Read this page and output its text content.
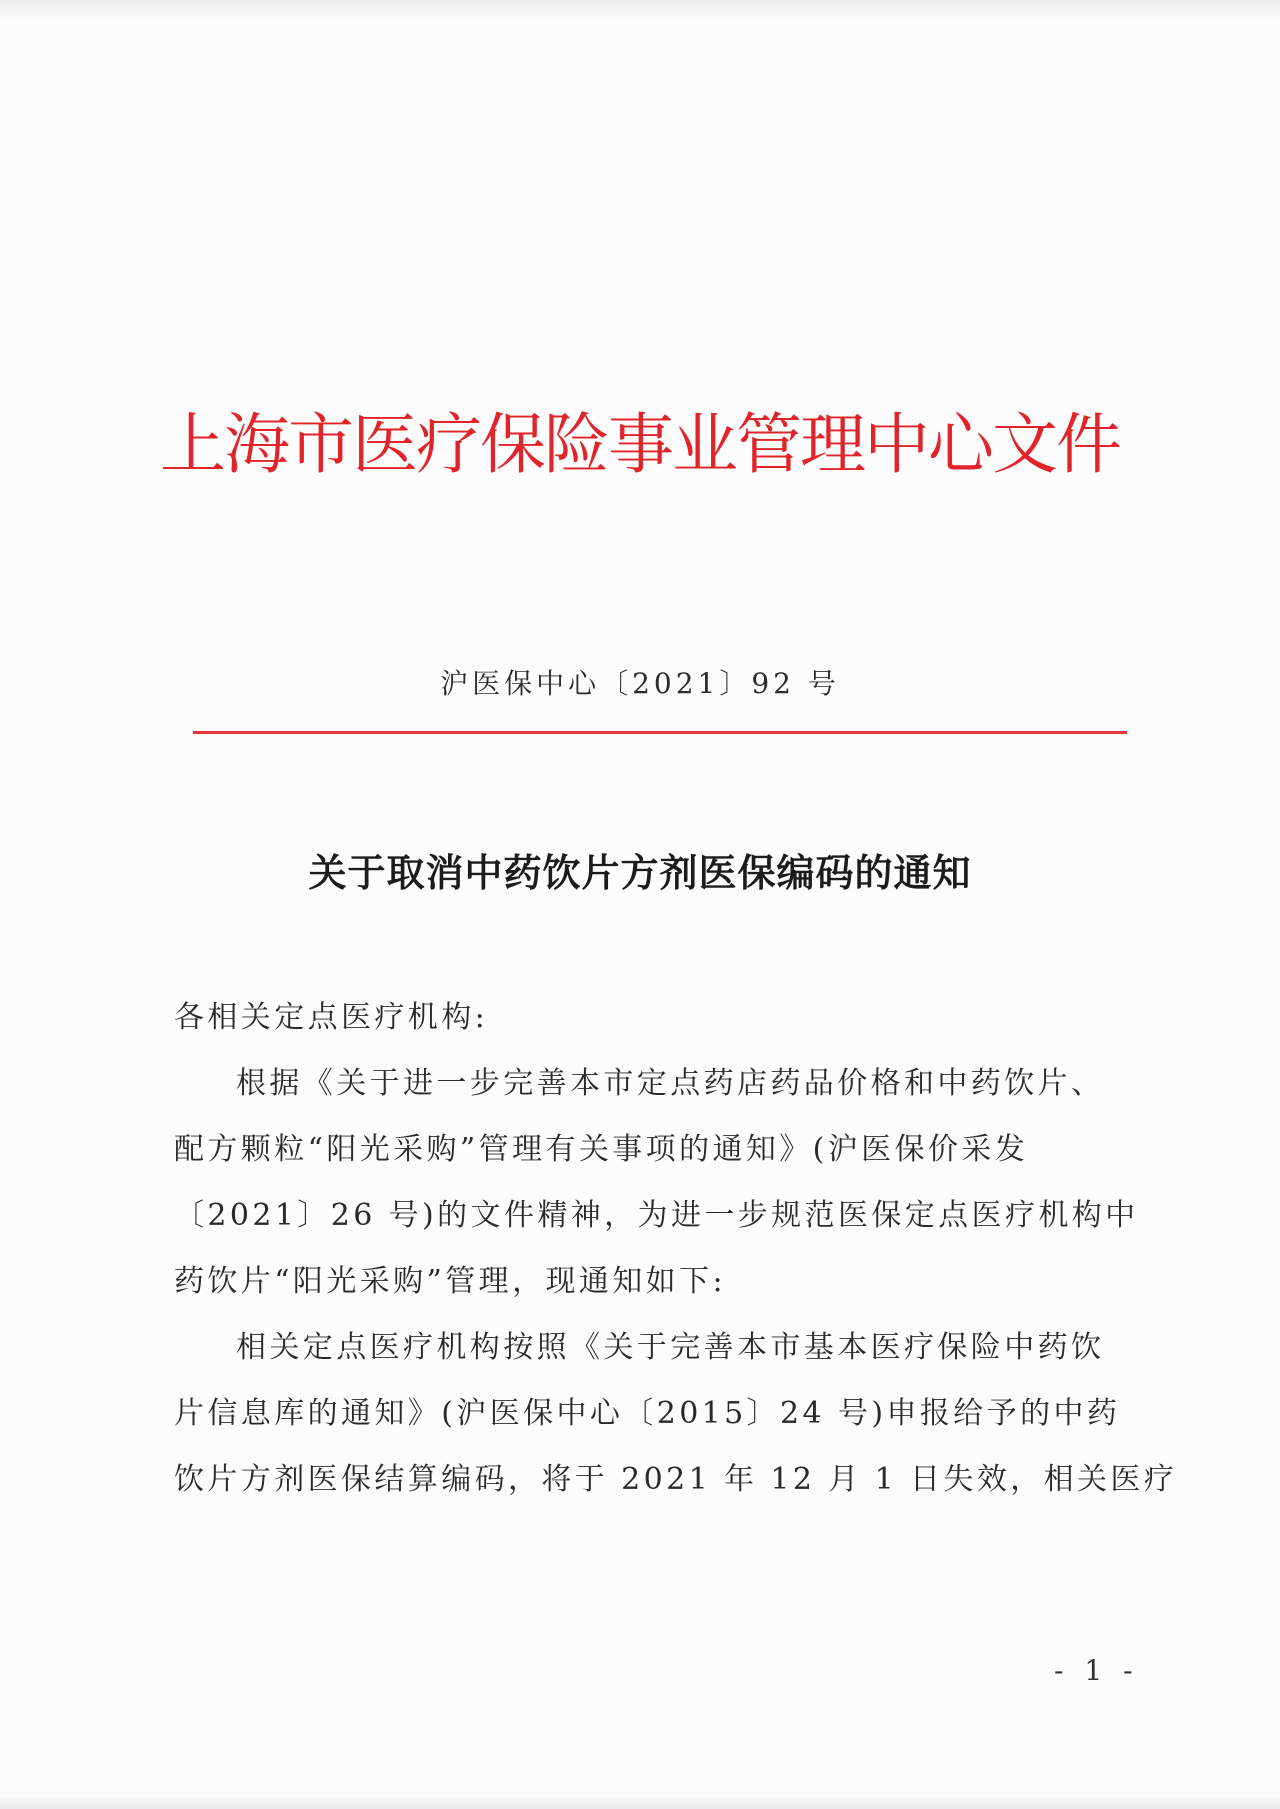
上海市医疗保险事业管理中心文件
沪医保中心〔2021〕92 号
关于取消中药饮片方剂医保编码的通知
各相关定点医疗机构:
根据《关于进一步完善本市定点药店药品价格和中药饮片、
配方颗粒“阳光采购”管理有关事项的通知》(沪医保价采发
〔2021〕26 号)的文件精神，为进一步规范医保定点医疗机构中
药饮片“阳光采购”管理，现通知如下:
相关定点医疗机构按照《关于完善本市基本医疗保险中药饮
片信息库的通知》(沪医保中心〔2015〕24 号)申报给予的中药
饮片方剂医保结算编码，将于 2021 年 12 月 1 日失效，相关医疗
- 1 -
